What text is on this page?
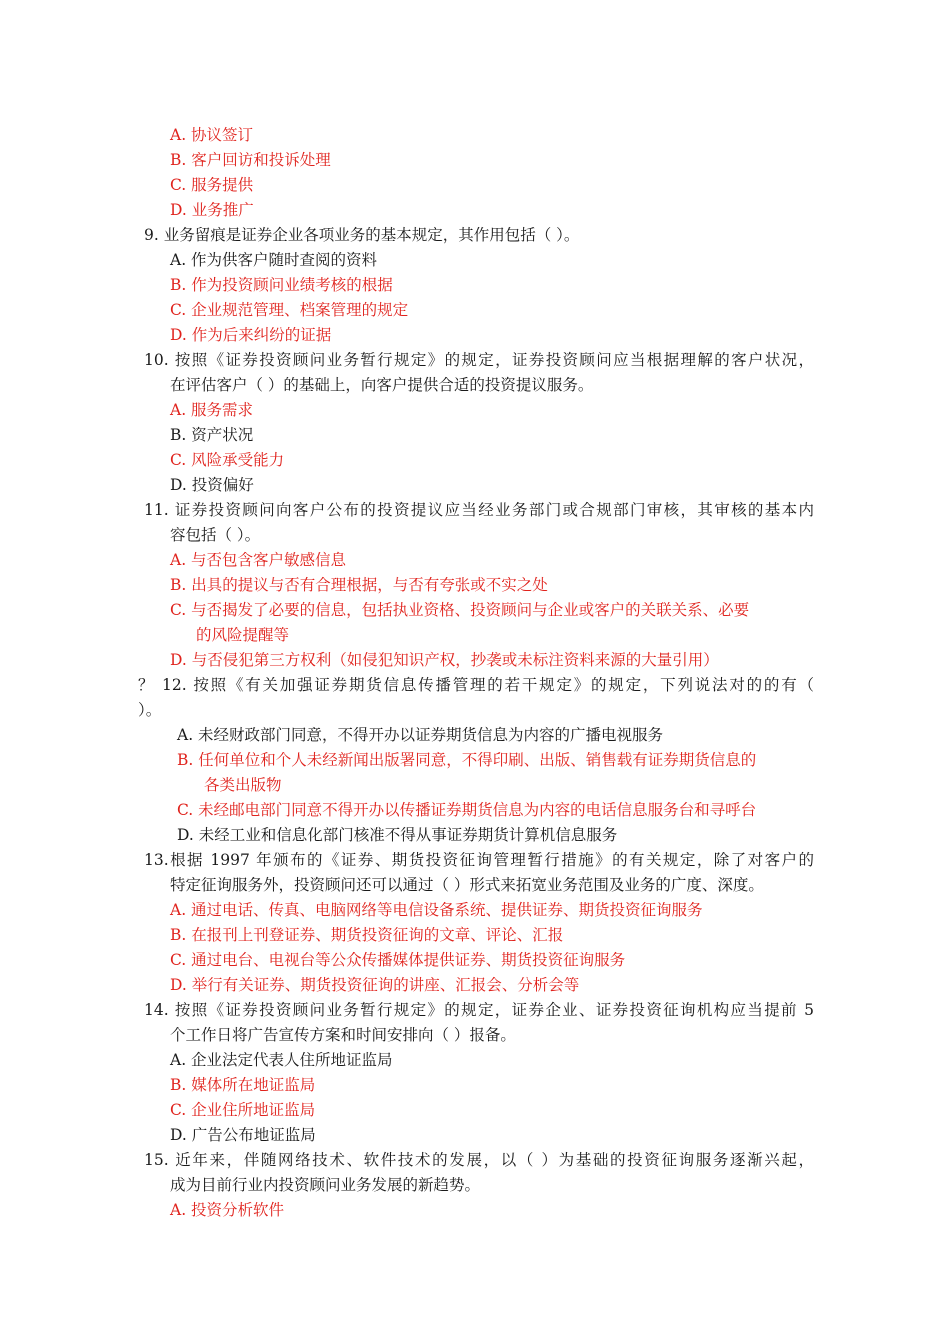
A. 协议签订
B. 客户回访和投诉处理
C. 服务提供
D. 业务推广
9. 业务留痕是证券企业各项业务的基本规定，其作用包括（ ）。
A. 作为供客户随时查阅的资料
B. 作为投资顾问业绩考核的根据
C. 企业规范管理、档案管理的规定
D. 作为后来纠纷的证据
10. 按照《证券投资顾问业务暂行规定》的规定，证券投资顾问应当根据理解的客户状况，
在评估客户（ ）的基础上，向客户提供合适的投资提议服务。
A. 服务需求
B. 资产状况
C. 风险承受能力
D. 投资偏好
11. 证券投资顾问向客户公布的投资提议应当经业务部门或合规部门审核，其审核的基本内
容包括（ ）。
A. 与否包含客户敏感信息
B. 出具的提议与否有合理根据，与否有夸张或不实之处
C. 与否揭发了必要的信息，包括执业资格、投资顾问与企业或客户的关联关系、必要
的风险提醒等
D. 与否侵犯第三方权利（如侵犯知识产权，抄袭或未标注资料来源的大量引用）
？ 12. 按照《有关加强证券期货信息传播管理的若干规定》的规定，下列说法对的的有（
）。
A. 未经财政部门同意，不得开办以证券期货信息为内容的广播电视服务
B. 任何单位和个人未经新闻出版署同意，不得印刷、出版、销售载有证券期货信息的
各类出版物
C. 未经邮电部门同意不得开办以传播证券期货信息为内容的电话信息服务台和寻呼台
D. 未经工业和信息化部门核准不得从事证券期货计算机信息服务
13.根据 1997 年颁布的《证券、期货投资征询管理暂行措施》的有关规定，除了对客户的
特定征询服务外，投资顾问还可以通过（ ）形式来拓宽业务范围及业务的广度、深度。
A. 通过电话、传真、电脑网络等电信设备系统、提供证券、期货投资征询服务
B. 在报刊上刊登证券、期货投资征询的文章、评论、汇报
C. 通过电台、电视台等公众传播媒体提供证券、期货投资征询服务
D. 举行有关证券、期货投资征询的讲座、汇报会、分析会等
14. 按照《证券投资顾问业务暂行规定》的规定，证券企业、证券投资征询机构应当提前 5
个工作日将广告宣传方案和时间安排向（ ）报备。
A. 企业法定代表人住所地证监局
B. 媒体所在地证监局
C. 企业住所地证监局
D. 广告公布地证监局
15. 近年来，伴随网络技术、软件技术的发展，以（ ）为基础的投资征询服务逐渐兴起，
成为目前行业内投资顾问业务发展的新趋势。
A. 投资分析软件
